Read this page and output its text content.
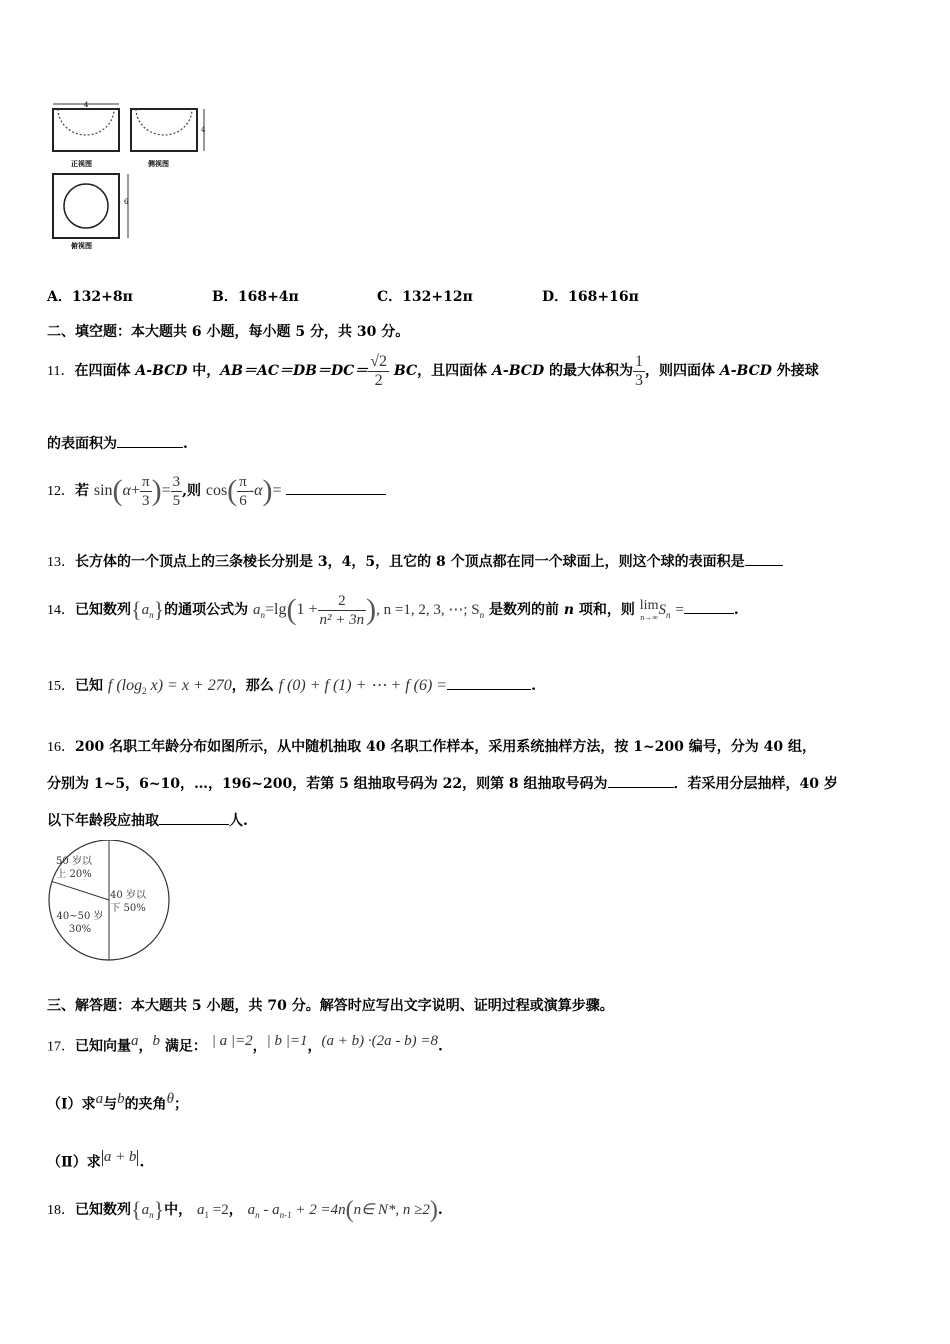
4
正视图
4
侧视图
6
俯视图
A．132+8π	B．168+4π	C．132+12π	D．168+16π
二、填空题：本大题共 6 小题，每小题 5 分，共 30 分。
11．在四面体 A-BCD 中，$AB=AC=DB=DC= \frac{√2}{2}$ BC，且四面体 A-BCD 的最大体积为 $\frac{1}{3}$ ，则四面体 A-BCD 外接球
的表面积为	.
12．若 $\sin(\alpha+ \frac{\pi}{3}$ )= $\frac{3}{5}$ ,则 $\cos( \frac{\pi}{6} -\alpha)=$
13．长方体的一个顶点上的三条棱长分别是 3，4，5，且它的 8 个顶点都在同一个球面上，则这个球的表面积是
14．已知数列$\{a_n\}$的通项公式为 $a_n=\lg(1 + \frac{2}{\text{n² + 3n}}$ ), n =1, 2, 3, ⋯; $S_n$ 是数列的前 n 项和，则 lim
n→∞ $S_n$ =	.
15．已知 f ($\log_2$ x) = x + 270，那么 f (0) + f (1) + ⋯ + f (6) =	.
16．200 名职工年龄分布如图所示，从中随机抽取 40 名职工作样本，采用系统抽样方法，按 1~200 编号，分为 40 组，
分别为 1~5，6~10，…，196~200，若第 5 组抽取号码为 22，则第 8 组抽取号码为	．若采用分层抽样，40 岁
以下年龄段应抽取	人.
40 岁以
下 50%
40~50 岁
30%
50 岁以
上 20%
三、解答题：本大题共 5 小题，共 70 分。解答时应写出文字说明、证明过程或演算步骤。
17．已知向量$^a$，$^b$ 满足： $^{| a |=2}$，$^{| b |=1}$，$^{(a + b) \cdot(2a - b) =8}$.
（Ⅰ）求$^a$与$^b$的夹角$^\theta$；
（Ⅱ）求 $^{a + b}$ .
18．已知数列$\{a_n\}$中， $a_1 =2$， $a_n - a_{n-1} + 2$ =4n(n∈ N*, n ≥2).
